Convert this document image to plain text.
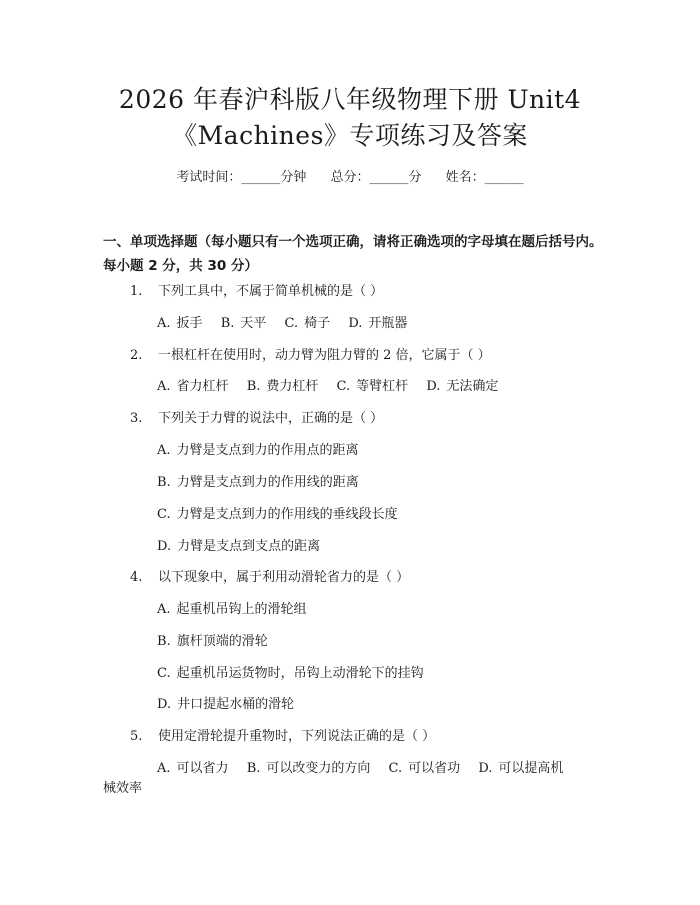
2026 年春沪科版八年级物理下册 Unit4
《Machines》专项练习及答案
考试时间：______分钟 总分：______分 姓名：______
一、单项选择题（每小题只有一个选项正确，请将正确选项的字母填在题后括号内。每小题 2 分，共 30 分）
1. 下列工具中，不属于简单机械的是（ ）
A. 扳手 B. 天平 C. 椅子 D. 开瓶器
2. 一根杠杆在使用时，动力臂为阻力臂的 2 倍，它属于（ ）
A. 省力杠杆 B. 费力杠杆 C. 等臂杠杆 D. 无法确定
3. 下列关于力臂的说法中，正确的是（ ）
A. 力臂是支点到力的作用点的距离
B. 力臂是支点到力的作用线的距离
C. 力臂是支点到力的作用线的垂线段长度
D. 力臂是支点到支点的距离
4. 以下现象中，属于利用动滑轮省力的是（ ）
A. 起重机吊钩上的滑轮组
B. 旗杆顶端的滑轮
C. 起重机吊运货物时，吊钩上动滑轮下的挂钩
D. 井口提起水桶的滑轮
5. 使用定滑轮提升重物时，下列说法正确的是（ ）
A. 可以省力 B. 可以改变力的方向 C. 可以省功 D. 可以提高机
械效率
